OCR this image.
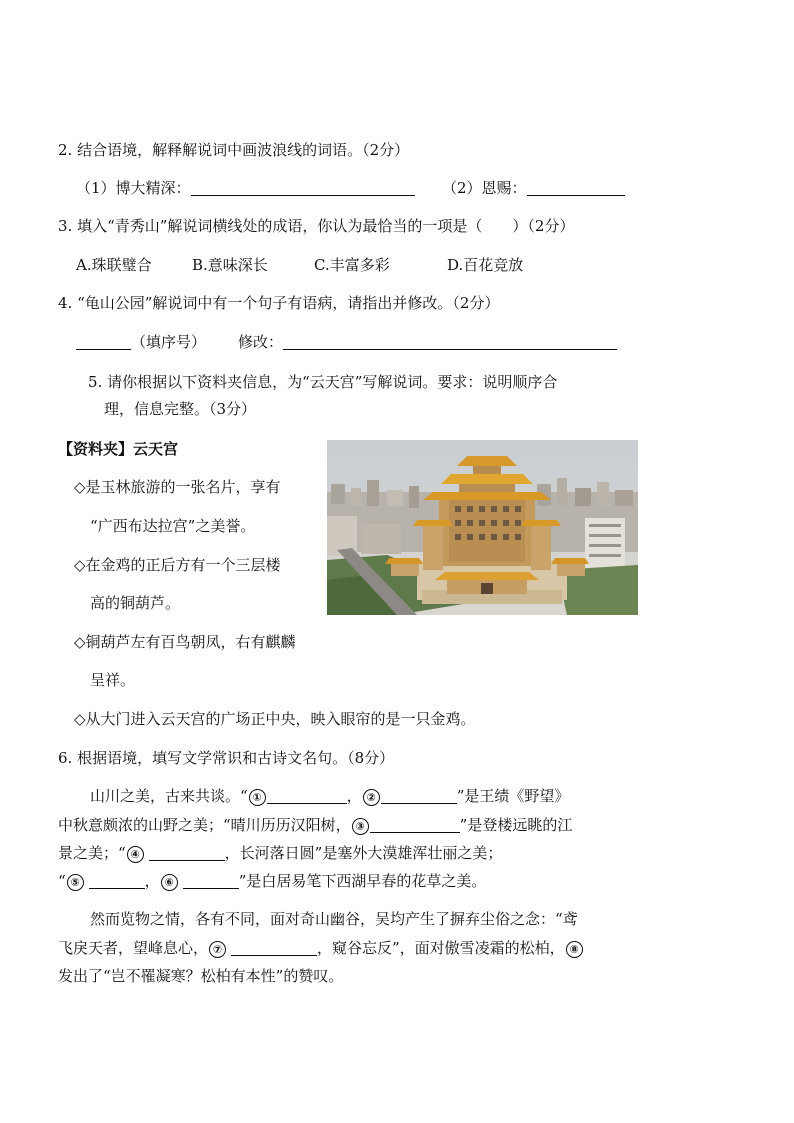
2. 结合语境，解释解说词中画波浪线的词语。（2分）
（1）博大精深：	（2）恩赐：
3. 填入“青秀山”解说词横线处的成语，你认为最恰当的一项是（　　）（2分）
A.珠联璧合	B.意味深长	C.丰富多彩	D.百花竞放
4. “龟山公园”解说词中有一个句子有语病，请指出并修改。（2分）
（填序号） 修改：
5. 请你根据以下资料夹信息，为“云天宫”写解说词。要求：说明顺序合
理，信息完整。（3分）
【资料夹】云天宫
◇是玉林旅游的一张名片，享有
“广西布达拉宫”之美誉。
◇在金鸡的正后方有一个三层楼
高的铜葫芦。
◇铜葫芦左有百鸟朝凤，右有麒麟
呈祥。
◇从大门进入云天宫的广场正中央，映入眼帘的是一只金鸡。
6. 根据语境，填写文学常识和古诗文名句。（8分）
山川之美，古来共谈。“ ①	， ②	”是王绩《野望》
中秋意颇浓的山野之美；“晴川历历汉阳树， ③	”是登楼远眺的江
景之美；“ ④	，长河落日圆”是塞外大漠雄浑壮丽之美；
“ ⑤	， ⑥	”是白居易笔下西湖早春的花草之美。
然而览物之情，各有不同，面对奇山幽谷，吴均产生了摒弃尘俗之念：“鸢
飞戾天者，望峰息心， ⑦	，窥谷忘反”，面对傲雪凌霜的松柏， ⑧
发出了“岂不罹凝寒？松柏有本性”的赞叹。
